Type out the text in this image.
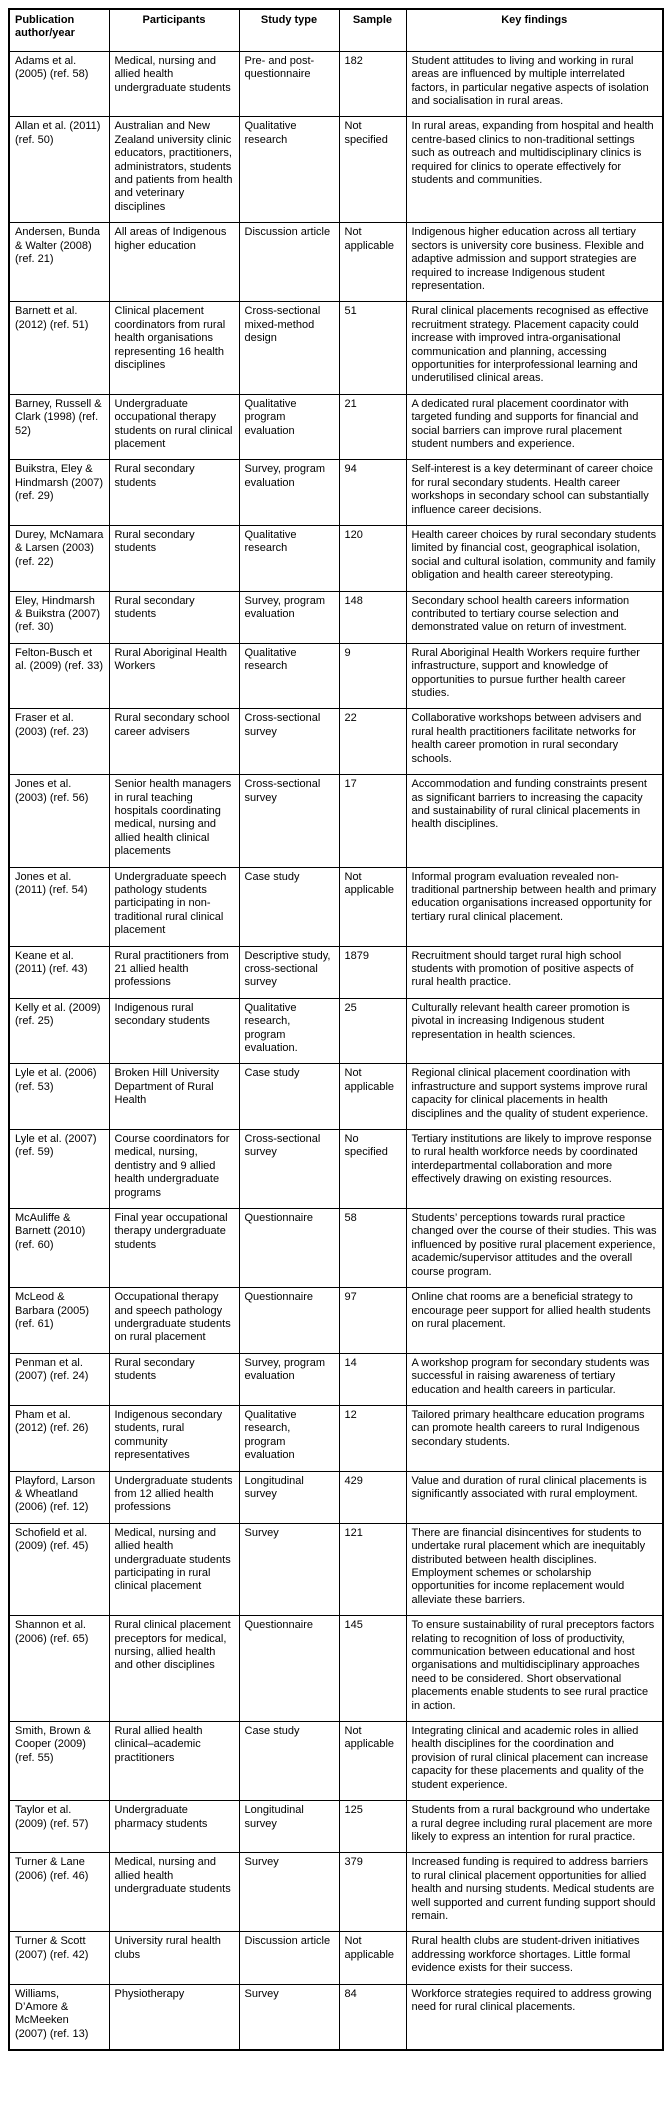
Publication author/year	Participants	Study type	Sample	Key findings
Adams et al. (2005) (ref. 58)	Medical, nursing and allied health undergraduate students	Pre- and post-questionnaire	182	Student attitudes to living and working in rural areas are influenced by multiple interrelated factors, in particular negative aspects of isolation and socialisation in rural areas.
Allan et al. (2011) (ref. 50)	Australian and New Zealand university clinic educators, practitioners, administrators, students and patients from health and veterinary disciplines	Qualitative research	Not specified	In rural areas, expanding from hospital and health centre-based clinics to non-traditional settings such as outreach and multidisciplinary clinics is required for clinics to operate effectively for students and communities.
Andersen, Bunda & Walter (2008) (ref. 21)	All areas of Indigenous higher education	Discussion article	Not applicable	Indigenous higher education across all tertiary sectors is university core business. Flexible and adaptive admission and support strategies are required to increase Indigenous student representation.
Barnett et al. (2012) (ref. 51)	Clinical placement coordinators from rural health organisations representing 16 health disciplines	Cross-sectional mixed-method design	51	Rural clinical placements recognised as effective recruitment strategy. Placement capacity could increase with improved intra-organisational communication and planning, accessing opportunities for interprofessional learning and underutilised clinical areas.
Barney, Russell & Clark (1998) (ref. 52)	Undergraduate occupational therapy students on rural clinical placement	Qualitative program evaluation	21	A dedicated rural placement coordinator with targeted funding and supports for financial and social barriers can improve rural placement student numbers and experience.
Buikstra, Eley & Hindmarsh (2007) (ref. 29)	Rural secondary students	Survey, program evaluation	94	Self-interest is a key determinant of career choice for rural secondary students. Health career workshops in secondary school can substantially influence career decisions.
Durey, McNamara & Larsen (2003) (ref. 22)	Rural secondary students	Qualitative research	120	Health career choices by rural secondary students limited by financial cost, geographical isolation, social and cultural isolation, community and family obligation and health career stereotyping.
Eley, Hindmarsh & Buikstra (2007) (ref. 30)	Rural secondary students	Survey, program evaluation	148	Secondary school health careers information contributed to tertiary course selection and demonstrated value on return of investment.
Felton-Busch et al. (2009) (ref. 33)	Rural Aboriginal Health Workers	Qualitative research	9	Rural Aboriginal Health Workers require further infrastructure, support and knowledge of opportunities to pursue further health career studies.
Fraser et al. (2003) (ref. 23)	Rural secondary school career advisers	Cross-sectional survey	22	Collaborative workshops between advisers and rural health practitioners facilitate networks for health career promotion in rural secondary schools.
Jones et al. (2003) (ref. 56)	Senior health managers in rural teaching hospitals coordinating medical, nursing and allied health clinical placements	Cross-sectional survey	17	Accommodation and funding constraints present as significant barriers to increasing the capacity and sustainability of rural clinical placements in health disciplines.
Jones et al. (2011) (ref. 54)	Undergraduate speech pathology students participating in non-traditional rural clinical placement	Case study	Not applicable	Informal program evaluation revealed non-traditional partnership between health and primary education organisations increased opportunity for tertiary rural clinical placement.
Keane et al. (2011) (ref. 43)	Rural practitioners from 21 allied health professions	Descriptive study, cross-sectional survey	1879	Recruitment should target rural high school students with promotion of positive aspects of rural health practice.
Kelly et al. (2009) (ref. 25)	Indigenous rural secondary students	Qualitative research, program evaluation.	25	Culturally relevant health career promotion is pivotal in increasing Indigenous student representation in health sciences.
Lyle et al. (2006) (ref. 53)	Broken Hill University Department of Rural Health	Case study	Not applicable	Regional clinical placement coordination with infrastructure and support systems improve rural capacity for clinical placements in health disciplines and the quality of student experience.
Lyle et al. (2007) (ref. 59)	Course coordinators for medical, nursing, dentistry and 9 allied health undergraduate programs	Cross-sectional survey	No specified	Tertiary institutions are likely to improve response to rural health workforce needs by coordinated interdepartmental collaboration and more effectively drawing on existing resources.
McAuliffe & Barnett (2010) (ref. 60)	Final year occupational therapy undergraduate students	Questionnaire	58	Students’ perceptions towards rural practice changed over the course of their studies. This was influenced by positive rural placement experience, academic/supervisor attitudes and the overall course program.
McLeod & Barbara (2005) (ref. 61)	Occupational therapy and speech pathology undergraduate students on rural placement	Questionnaire	97	Online chat rooms are a beneficial strategy to encourage peer support for allied health students on rural placement.
Penman et al. (2007) (ref. 24)	Rural secondary students	Survey, program evaluation	14	A workshop program for secondary students was successful in raising awareness of tertiary education and health careers in particular.
Pham et al. (2012) (ref. 26)	Indigenous secondary students, rural community representatives	Qualitative research, program evaluation	12	Tailored primary healthcare education programs can promote health careers to rural Indigenous secondary students.
Playford, Larson & Wheatland (2006) (ref. 12)	Undergraduate students from 12 allied health professions	Longitudinal survey	429	Value and duration of rural clinical placements is significantly associated with rural employment.
Schofield et al. (2009) (ref. 45)	Medical, nursing and allied health undergraduate students participating in rural clinical placement	Survey	121	There are financial disincentives for students to undertake rural placement which are inequitably distributed between health disciplines. Employment schemes or scholarship opportunities for income replacement would alleviate these barriers.
Shannon et al. (2006) (ref. 65)	Rural clinical placement preceptors for medical, nursing, allied health and other disciplines	Questionnaire	145	To ensure sustainability of rural preceptors factors relating to recognition of loss of productivity, communication between educational and host organisations and multidisciplinary approaches need to be considered. Short observational placements enable students to see rural practice in action.
Smith, Brown & Cooper (2009) (ref. 55)	Rural allied health clinical–academic practitioners	Case study	Not applicable	Integrating clinical and academic roles in allied health disciplines for the coordination and provision of rural clinical placement can increase capacity for these placements and quality of the student experience.
Taylor et al. (2009) (ref. 57)	Undergraduate pharmacy students	Longitudinal survey	125	Students from a rural background who undertake a rural degree including rural placement are more likely to express an intention for rural practice.
Turner & Lane (2006) (ref. 46)	Medical, nursing and allied health undergraduate students	Survey	379	Increased funding is required to address barriers to rural clinical placement opportunities for allied health and nursing students. Medical students are well supported and current funding support should remain.
Turner & Scott (2007) (ref. 42)	University rural health clubs	Discussion article	Not applicable	Rural health clubs are student-driven initiatives addressing workforce shortages. Little formal evidence exists for their success.
Williams, D’Amore & McMeeken (2007) (ref. 13)	Physiotherapy	Survey	84	Workforce strategies required to address growing need for rural clinical placements.
